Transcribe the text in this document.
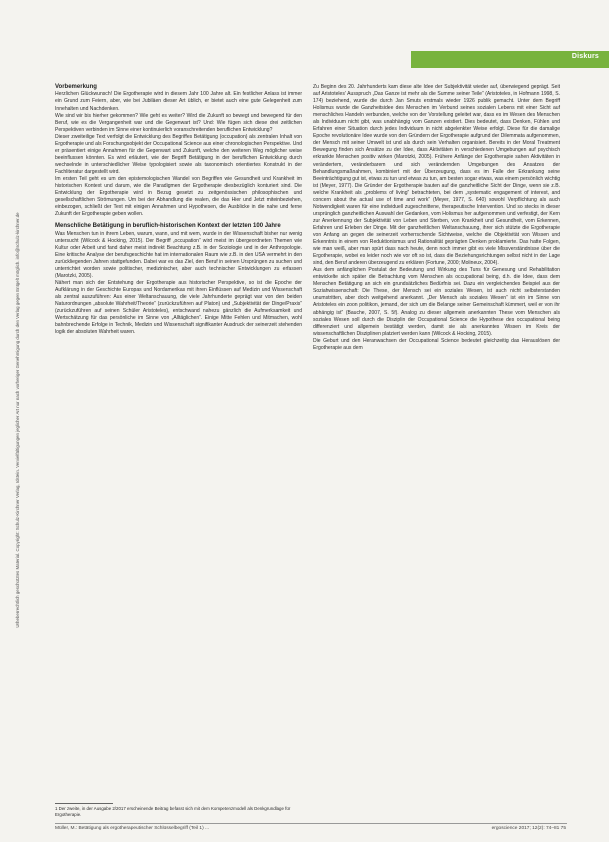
Diskurs
Urheberrechtlich geschütztes Material. Copyright: Schulz-Kirchner Verlag, Idstein. Vervielfältigungen jeglicher Art nur nach vorheriger Genehmigung durch den Verlag gegen Entgelt möglich. info@schulz-kirchner.de
Vorbemerkung

Herzlichen Glückwunsch! Die Ergotherapie wird in diesem Jahr 100 Jahre alt. Ein festlicher Anlass ist immer ein Grund zum Feiern, aber, wie bei Jubiläen dieser Art üblich, er bietet auch eine gute Gelegenheit zum Innehalten und Nachdenken.

Wie sind wir bis hierher gekommen? Wie geht es weiter? Wird die Zukunft so bewegt und bewegend für den Beruf, wie es die Vergangenheit war und die Gegenwart ist? Und: Wie fügen sich diese drei zeitlichen Perspektiven verbinden im Sinne einer kontinuierlich voranschreitenden beruflichen Entwicklung?

Dieser zweiteilige Text verfolgt die Entwicklung des Begriffes Betätigung (occupation) als zentralen Inhalt von Ergotherapie und als Forschungsobjekt der Occupational Science aus einer chronologischen Perspektive. Und er präsentiert einige Annahmen für die Gegenwart und Zukunft, welche den weiteren Weg möglicher weise beeinflussen könnten. Es wird erläutert, wie der Begriff Betätigung in der beruflichen Entwicklung durch wechselnde in unterschiedlicher Weise typologisiert sowie als taxonomisch orientiertes Konstrukt in der Fachliteratur dargestellt wird.

Im ersten Teil geht es um den epistemologischen Wandel von Begriffen wie Gesundheit und Krankheit im historischen Kontext und darum, wie die Paradigmen der Ergotherapie diesbezüglich konturiert sind. Die Entwicklung der Ergotherapie wird in Bezug gesetzt zu zeitgenössischen philosophischen und gesellschaftlichen Strömungen. Um bei der Abhandlung die realen, die das Hier und Jetzt miteinbeziehen, einbezogen, schließt der Text mit einigen Annahmen und Hypothesen, die Ausblicke in die nahe und ferne Zukunft der Ergotherapie geben wollen.

Menschliche Betätigung in beruflich-historischen Kontext der letzten 100 Jahre

Was Menschen tun in ihrem Leben, warum, wann, und mit wem, wurde in der Wissenschaft bisher nur wenig untersucht (Wilcock & Hocking, 2015). Der Begriff „occupation“ wird meist im übergeordneten Themen wie Kultur oder Arbeit und fand daher meist indirekt Beachtung z.B. in der Soziologie und in der Anthropologie. Eine kritische Analyse der berufsgeschichte hat im internationalen Raum wie z.B. in den USA vermehrt in den zurückliegenden Jahren stattgefunden. Dabei war es das Ziel, den Beruf in seinen Ursprüngen zu suchen und unterrichtet worden sowie politischer, medizinischer, aber auch technischer Entwicklungen zu erfassen (Marotzki, 2005).

Nähert man sich der Entstehung der Ergotherapie aus historischer Perspektive, so ist die Epoche der Aufklärung in der Geschichte Europas und Nordamerikas mit ihren Einflüssen auf Medizin und Wissenschaft als zentral auszuführen: Aus einer Weltanschauung, die viele Jahrhunderte geprägt war von den beiden Naturordnungen „absolute Wahrheit/Theorie“ (zurückzuführen auf Platon) und „Subjektivität der Dinge/Praxis“ (zurückzuführen auf seinen Schüler Aristoteles), entschwand nahezu gänzlich die Aufmerksamkeit und Wertschätzung für das persönliche im Sinne von „Alltäglichen“. Einige Mitte Fehlen und Mitmachen, wohl bahnbrechende Erfolge in Technik, Medizin und Wissenschaft signifikanter Ausdruck der seinerzeit stehenden logik der absoluten Wahrheit waren.

Zu Beginn des 20. Jahrhunderts kam diese alte Idee der Subjektivität wieder auf, überwiegend geprägt. Seit auf Aristoteles' Ausspruch „Das Ganze ist mehr als die Summe seiner Teile“ (Aristoteles, in Hofmann 1998, S. 174) beziehend, wurde die durch Jan Smuts erstmals wieder 1926 publik gemacht. Unter dem Begriff Holismus wurde die Ganzheitsidee des Menschen im Verbund seines sozialen Lebens mit einer Sicht auf menschliches Handeln verbunden, welche von der Vorstellung geleitet war, dass es im Wesen des Menschen als Individuum nicht gibt, was unabhängig vom Ganzen existiert. Dies bedeutet, dass Denken, Fühlen und Erfahren einer Situation durch jedes Individuum in nicht abgelenkter Weise erfolgt. Diese für die damalige Epoche revolutionäre Idee wurde von den Gründern der Ergotherapie aufgrund der Dilemmata aufgenommen, der Mensch mit seiner Umwelt ist und als durch sein Verhalten organisiert. Bereits in der Moral Treatment Bewegung finden sich Ansätze zu der Idee, dass Aktivitäten in verschiedenen Umgebungen auf psychisch erkrankte Menschen positiv wirken (Marotzki, 2005). Frühere Anfänge der Ergotherapie sahen Aktivitäten in verändertem, veränderbarem und sich verändernden Umgebungen des Ansatzes der Behandlungsmaßnahmen, kombiniert mit der Überzeugung, dass es im Falle der Erkrankung seine Beeinträchtigung gut ist, etwas zu tun und etwas zu tun, am besten sogar etwas, was einem persönlich wichtig ist (Meyer, 1977). Die Gründer der Ergotherapie bauten auf die ganzheitliche Sicht der Dinge, wenn sie z.B. welche Krankheit als „problems of living“ betrachteten, bei dem „systematic engagement of interest, and concern about the actual use of time and work“ (Meyer, 1977, S. 640) sowohl Verpflichtung als auch Notwendigkeit waren für eine individuell zugeschnittene, therapeutische Intervention. Und so stecks in dieser ursprünglich ganzheitlichen Auswahl der Gedanken, vom Holismus her aufgenommen und verfestigt, der Kern zur Anerkennung der Subjektivität von Leben und Sterben, von Krankheit und Gesundheit, vom Erkennen, Erfahren und Erleben der Dinge. Mit der ganzheitlichen Weltanschauung, ihrer sich stützte die Ergotherapie von Anfang an gegen die seinerzeit vorherrschende Sichtweise, welche die Objektivität von Wissen und Erkenntnis in einem von Reduktionismus und Rationalität geprägten Denken proklamierte. Das hatte Folgen, wie man weiß, aber man spürt dass nach heute, denn noch immer gibt es viele Missverständnisse über die Ergotherapie, wobei es leider noch wie vor oft so ist, dass die Beziehungsrichtungen selbst nicht in der Lage sind, den Beruf anderen überzeugend zu erklären (Fortune, 2000; Molineux, 2004).

Aus dem anfänglichen Postulat der Bedeutung und Wirkung des Tuns für Genesung und Rehabilitation entwickelte sich später die Betrachtung vom Menschen als occupational being, d.h. die Idee, dass dem Menschen Betätigung an sich ein grundsätzliches Bedürfnis sei. Dazu ein vergleichendes Beispiel aus der Soziahwissenschaft: Die These, der Mensch sei ein soziales Wesen, ist auch nicht selbsterstanden unumstritten, aber doch weitgehend anerkannt. „Der Mensch als soziales Wesen“ ist ein im Sinne von Aristoteles ein zoon politikon, jemand, der sich um die Belange seiner Gemeinschaft kümmert, weil er von ihr abhängig ist“ (Bauche, 2007, S. 5f). Analog zu dieser allgemein anerkannten These vom Menschen als soziales Wesen soll durch die Disziplin der Occupational Science die Hypothese des occupational being differenziert und allgemein bestätigt werden, damit sie als anerkanntes Wissen im Kreis der wissenschaftlichen Disziplinen platziert werden kann (Wilcock & Hocking, 2015).

Die Geburt und den Heranwachsen der Occupational Science bedeutet gleichzeitig das Herauslösen der Ergotherapie aus dem

1 Der zweite, in der Ausgabe 2/2017 erscheinende Beitrag befasst sich mit dem Kompetenzmodell als Denkgrundlage für Ergotherapie.
Müller, M.: Betätigung als ergotherapeutischer Schlüsselbegriff (Teil 1) ...	ergoscience 2017; 12(2): 74–81 75
